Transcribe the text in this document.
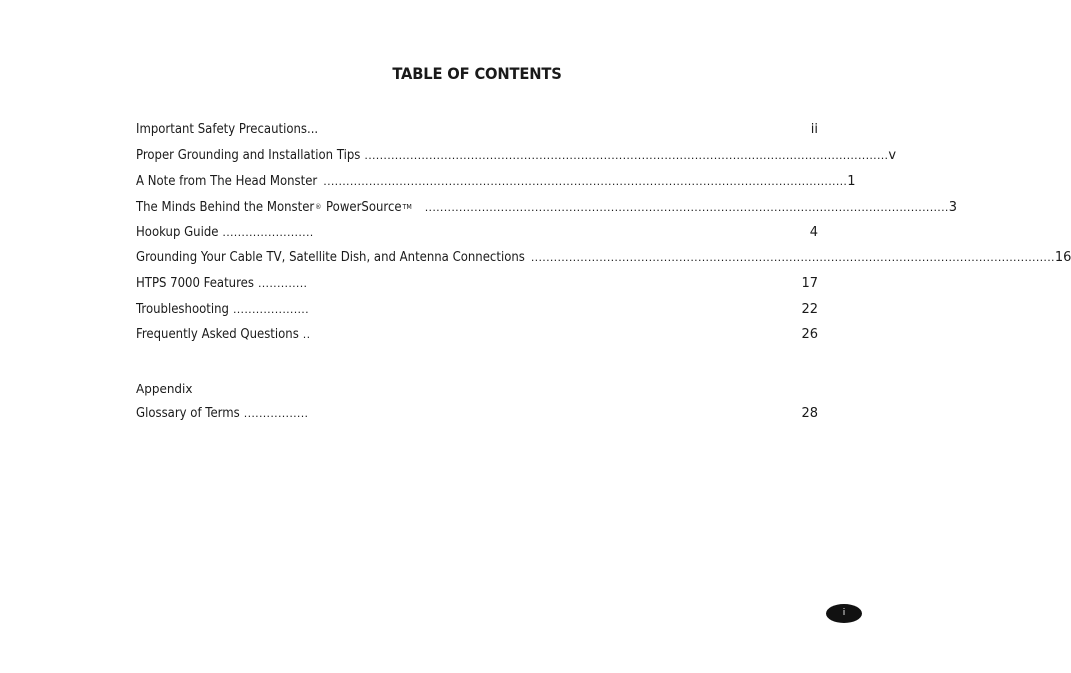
TABLE OF CONTENTS
Important Safety Precautions...	ii
Proper Grounding and Installation Tips .......................................................................................................................................... v
A Note from The Head Monster .......................................................................................................................................... 1
The Minds Behind the Monster® PowerSource™ .......................................................................................................................................... 3
Hookup Guide ........................	4
Grounding Your Cable TV, Satellite Dish, and Antenna Connections .......................................................................................................................................... 16
HTPS 7000 Features .............	17
Troubleshooting ....................	22
Frequently Asked Questions ..	26
Glossary of Terms .................	28
Appendix
i
